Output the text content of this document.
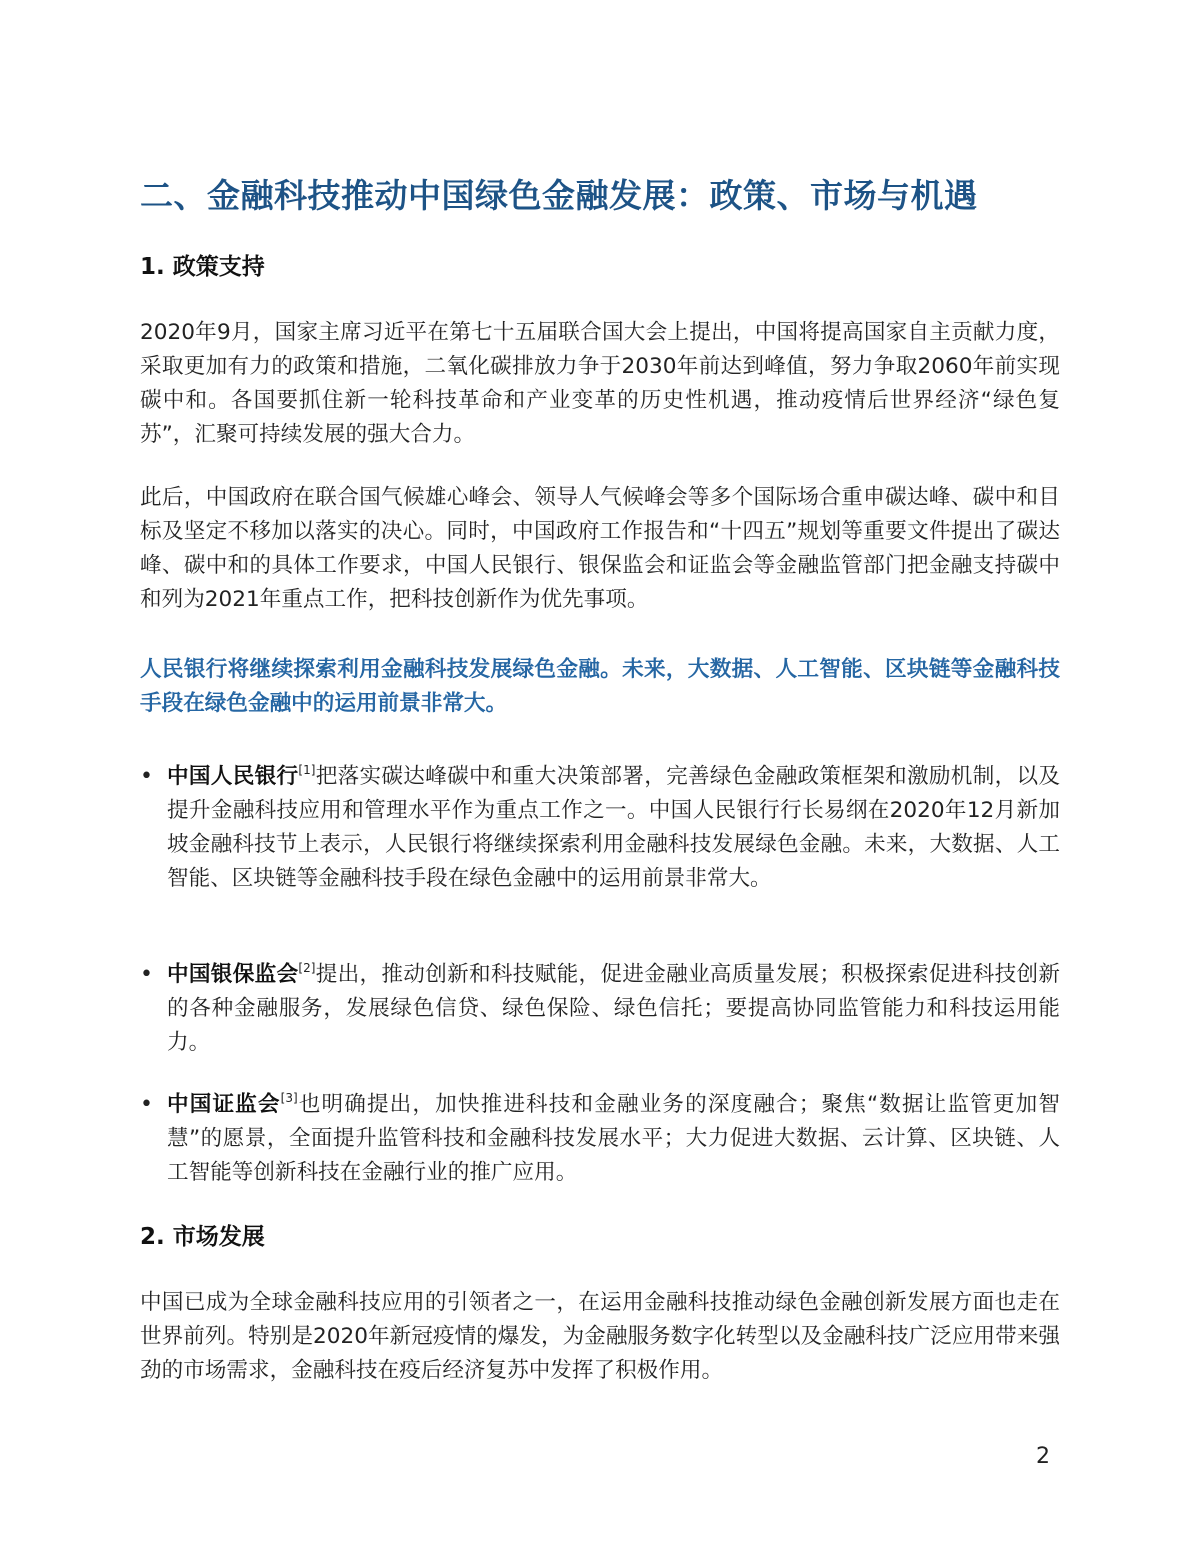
二、金融科技推动中国绿色金融发展：政策、市场与机遇
1. 政策支持

2020年9月，国家主席习近平在第七十五届联合国大会上提出，中国将提高国家自主贡献力度，采取更加有力的政策和措施，二氧化碳排放力争于2030年前达到峰值，努力争取2060年前实现碳中和。各国要抓住新一轮科技革命和产业变革的历史性机遇，推动疫情后世界经济“绿色复苏”，汇聚可持续发展的强大合力。

此后，中国政府在联合国气候雄心峰会、领导人气候峰会等多个国际场合重申碳达峰、碳中和目标及坚定不移加以落实的决心。同时，中国政府工作报告和“十四五”规划等重要文件提出了碳达峰、碳中和的具体工作要求，中国人民银行、银保监会和证监会等金融监管部门把金融支持碳中和列为2021年重点工作，把科技创新作为优先事项。

人民银行将继续探索利用金融科技发展绿色金融。未来，大数据、人工智能、区块链等金融科技手段在绿色金融中的运用前景非常大。

• 中国人民银行[1]把落实碳达峰碳中和重大决策部署，完善绿色金融政策框架和激励机制，以及提升金融科技应用和管理水平作为重点工作之一。中国人民银行行长易纲在2020年12月新加坡金融科技节上表示，人民银行将继续探索利用金融科技发展绿色金融。未来，大数据、人工智能、区块链等金融科技手段在绿色金融中的运用前景非常大。

• 中国银保监会[2]提出，推动创新和科技赋能，促进金融业高质量发展；积极探索促进科技创新的各种金融服务，发展绿色信贷、绿色保险、绿色信托；要提高协同监管能力和科技运用能力。

• 中国证监会[3]也明确提出，加快推进科技和金融业务的深度融合；聚焦“数据让监管更加智慧”的愿景，全面提升监管科技和金融科技发展水平；大力促进大数据、云计算、区块链、人工智能等创新科技在金融行业的推广应用。

2. 市场发展

中国已成为全球金融科技应用的引领者之一，在运用金融科技推动绿色金融创新发展方面也走在世界前列。特别是2020年新冠疫情的爆发，为金融服务数字化转型以及金融科技广泛应用带来强劲的市场需求，金融科技在疫后经济复苏中发挥了积极作用。

2
